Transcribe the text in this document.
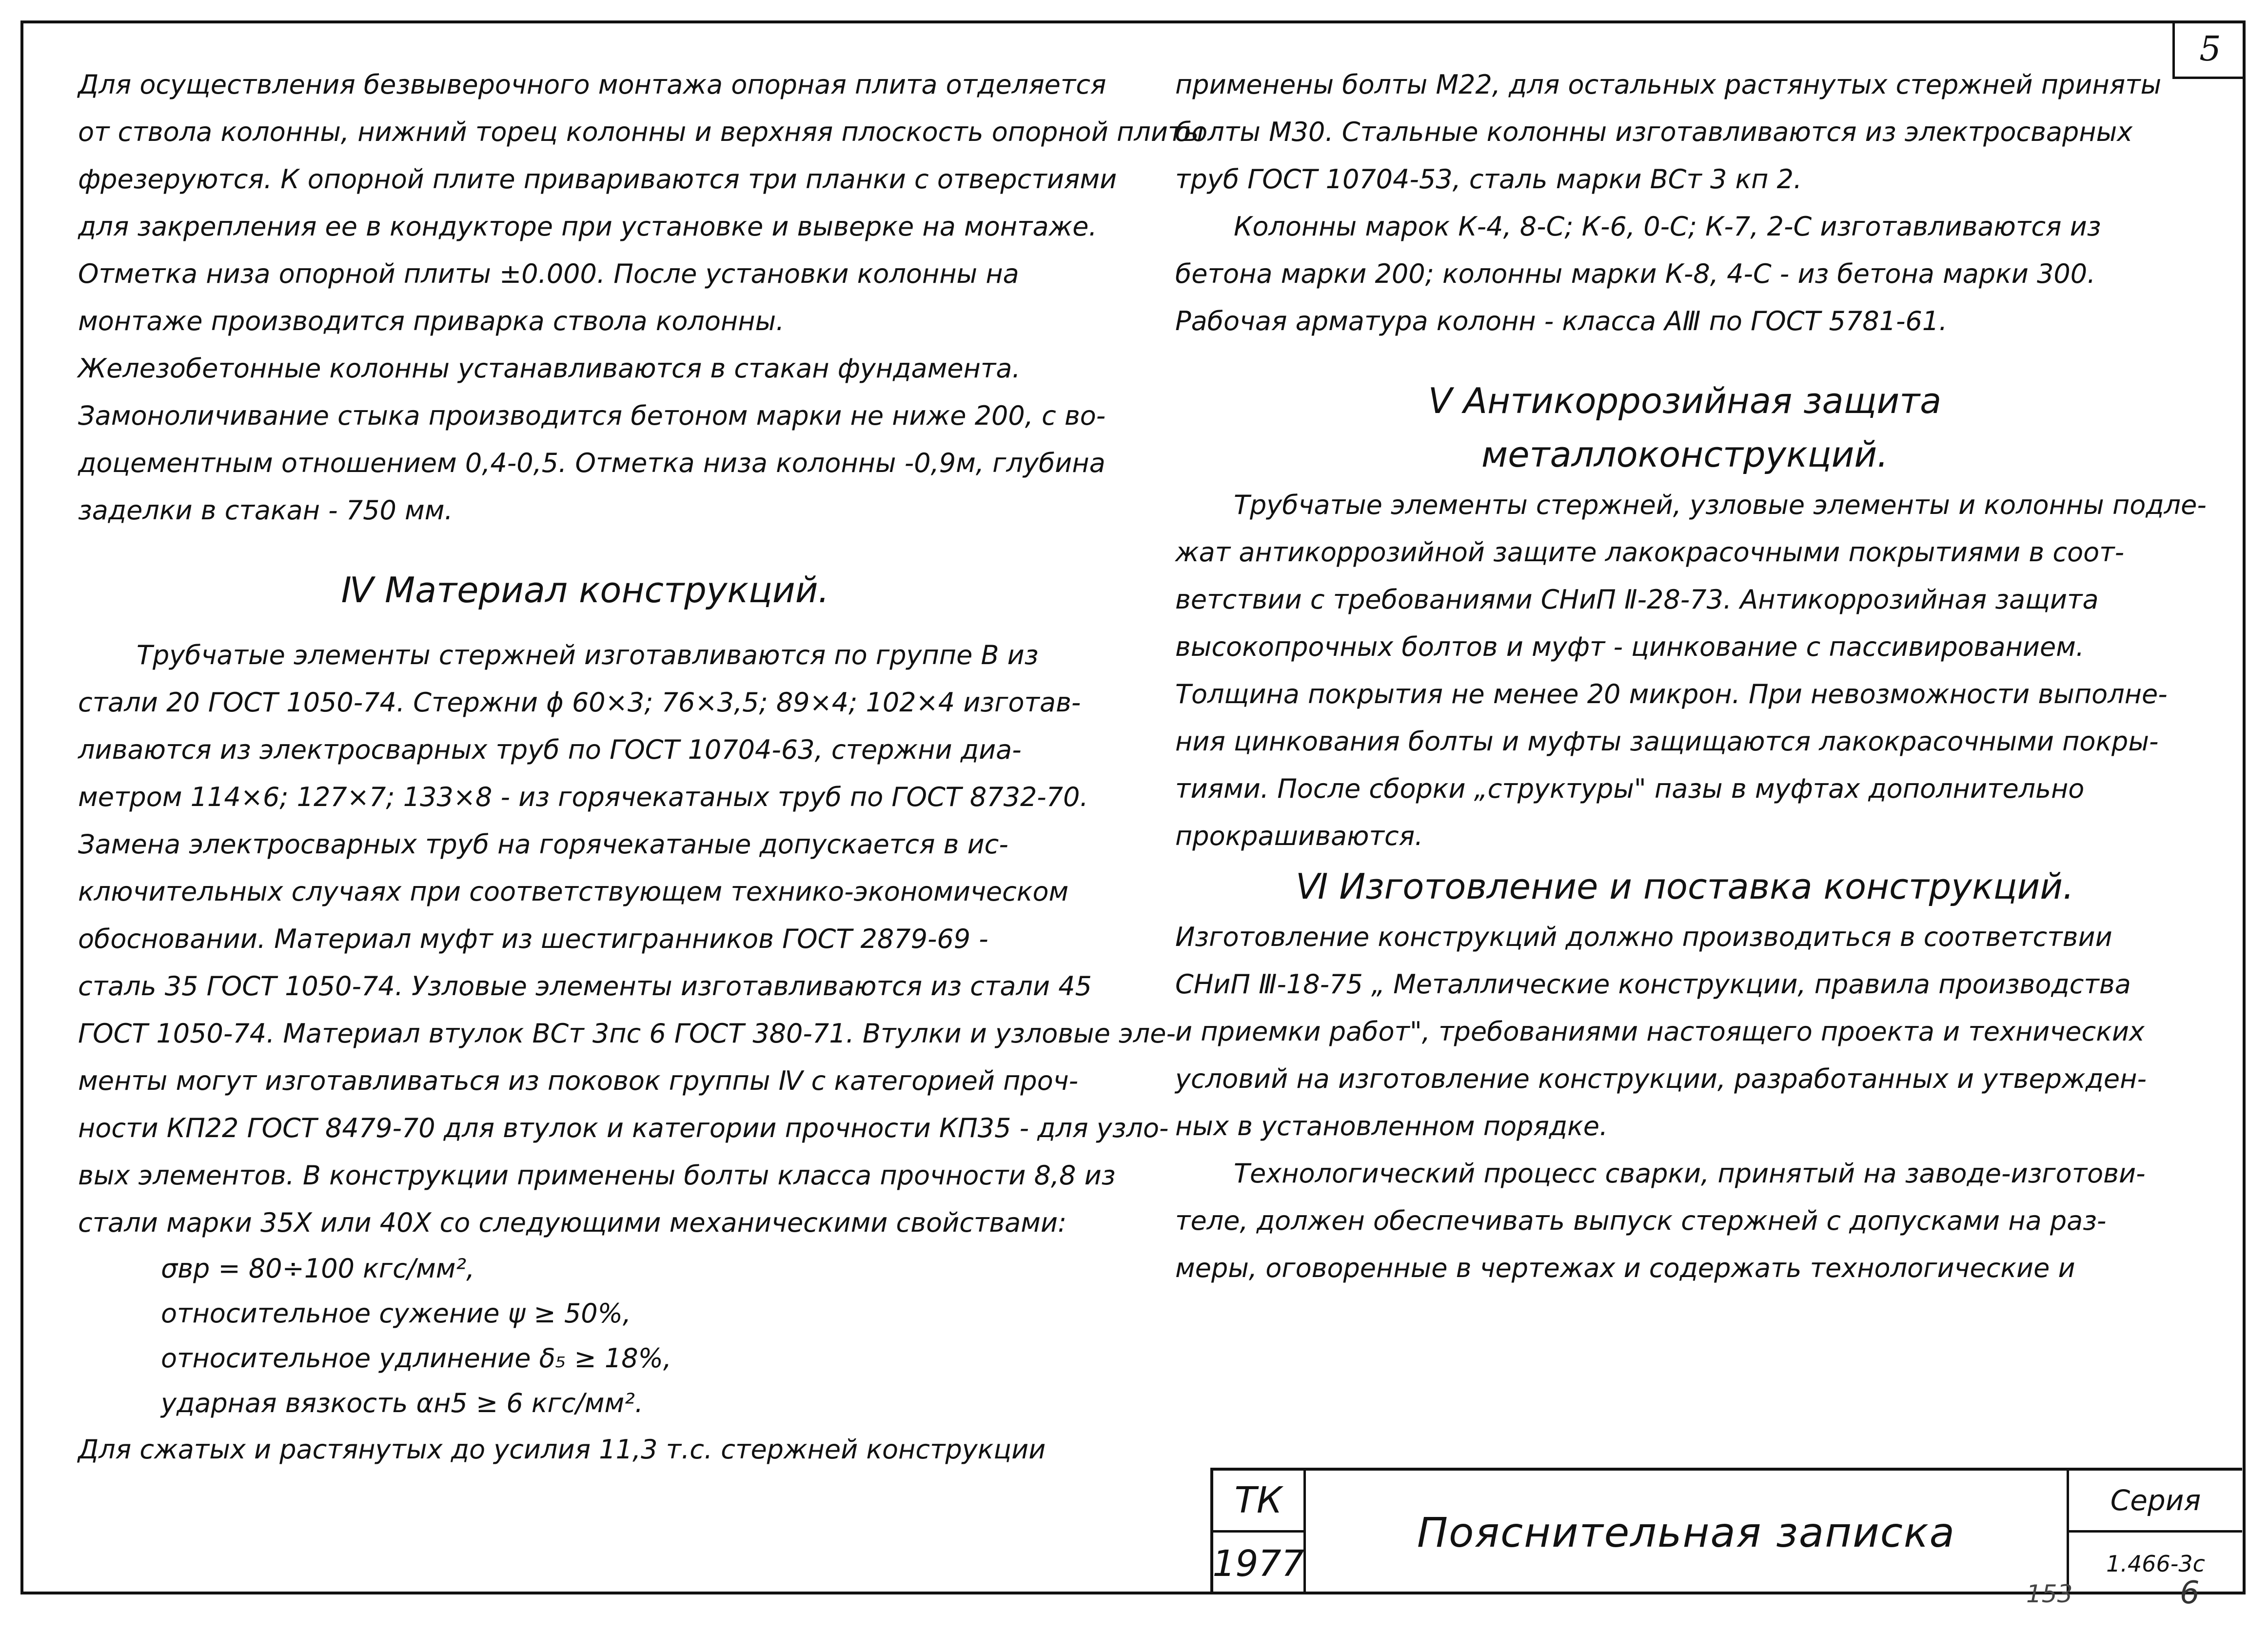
5
Для осуществления безвыверочного монтажа опорная плита отделяется
от ствола колонны, нижний торец колонны и верхняя плоскость опорной плиты
фрезеруются. К опорной плите привариваются три планки с отверстиями
для закрепления ее в кондукторе при установке и выверке на монтаже.
Отметка низа опорной плиты ±0.000. После установки колонны на
монтаже производится приварка ствола колонны.
Железобетонные колонны устанавливаются в стакан фундамента.
Замоноличивание стыка производится бетоном марки не ниже 200, с во-
доцементным отношением 0,4-0,5. Отметка низа колонны -0,9м, глубина
заделки в стакан - 750 мм.
Ⅳ Материал конструкций.
Трубчатые элементы стержней изготавливаются по группе В из
стали 20 ГОСТ 1050-74. Стержни ϕ 60×3; 76×3,5; 89×4; 102×4 изготав-
ливаются из электросварных труб по ГОСТ 10704-63, стержни диа-
метром 114×6; 127×7; 133×8 - из горячекатаных труб по ГОСТ 8732-70.
Замена электросварных труб на горячекатаные допускается в ис-
ключительных случаях при соответствующем технико-экономическом
обосновании. Материал муфт из шестигранников ГОСТ 2879-69 -
сталь 35 ГОСТ 1050-74. Узловые элементы изготавливаются из стали 45
ГОСТ 1050-74. Материал втулок ВСт 3пс 6 ГОСТ 380-71. Втулки и узловые эле-
менты могут изготавливаться из поковок группы Ⅳ с категорией проч-
ности КП22 ГОСТ 8479-70 для втулок и категории прочности КП35 - для узло-
вых элементов. В конструкции применены болты класса прочности 8,8 из
стали марки 35Х или 40Х со следующими механическими свойствами:
σвр = 80÷100 кгс/мм²,
относительное сужение ψ ≥ 50%,
относительное удлинение δ₅ ≥ 18%,
ударная вязкость αн5 ≥ 6 кгс/мм².
Для сжатых и растянутых до усилия 11,3 т.с. стержней конструкции
применены болты М22, для остальных растянутых стержней приняты
болты М30. Стальные колонны изготавливаются из электросварных
труб ГОСТ 10704-53, сталь марки ВСт 3 кп 2.
Колонны марок К-4, 8-С; К-6, 0-С; К-7, 2-С изготавливаются из
бетона марки 200; колонны марки К-8, 4-С - из бетона марки 300.
Рабочая арматура колонн - класса АⅢ по ГОСТ 5781-61.
Ⅴ Антикоррозийная защита
металлоконструкций.
Трубчатые элементы стержней, узловые элементы и колонны подле-
жат антикоррозийной защите лакокрасочными покрытиями в соот-
ветствии с требованиями СНиП Ⅱ-28-73. Антикоррозийная защита
высокопрочных болтов и муфт - цинкование с пассивированием.
Толщина покрытия не менее 20 микрон. При невозможности выполне-
ния цинкования болты и муфты защищаются лакокрасочными покры-
тиями. После сборки „структуры" пазы в муфтах дополнительно
прокрашиваются.
Ⅵ Изготовление и поставка конструкций.
Изготовление конструкций должно производиться в соответствии
СНиП Ⅲ-18-75 „ Металлические конструкции, правила производства
и приемки работ", требованиями настоящего проекта и технических
условий на изготовление конструкции, разработанных и утвержден-
ных в установленном порядке.
Технологический процесс сварки, принятый на заводе-изготови-
теле, должен обеспечивать выпуск стержней с допусками на раз-
меры, оговоренные в чертежах и содержать технологические и
ТК
1977
Пояснительная записка
Серия
1.466-3с
153	6
